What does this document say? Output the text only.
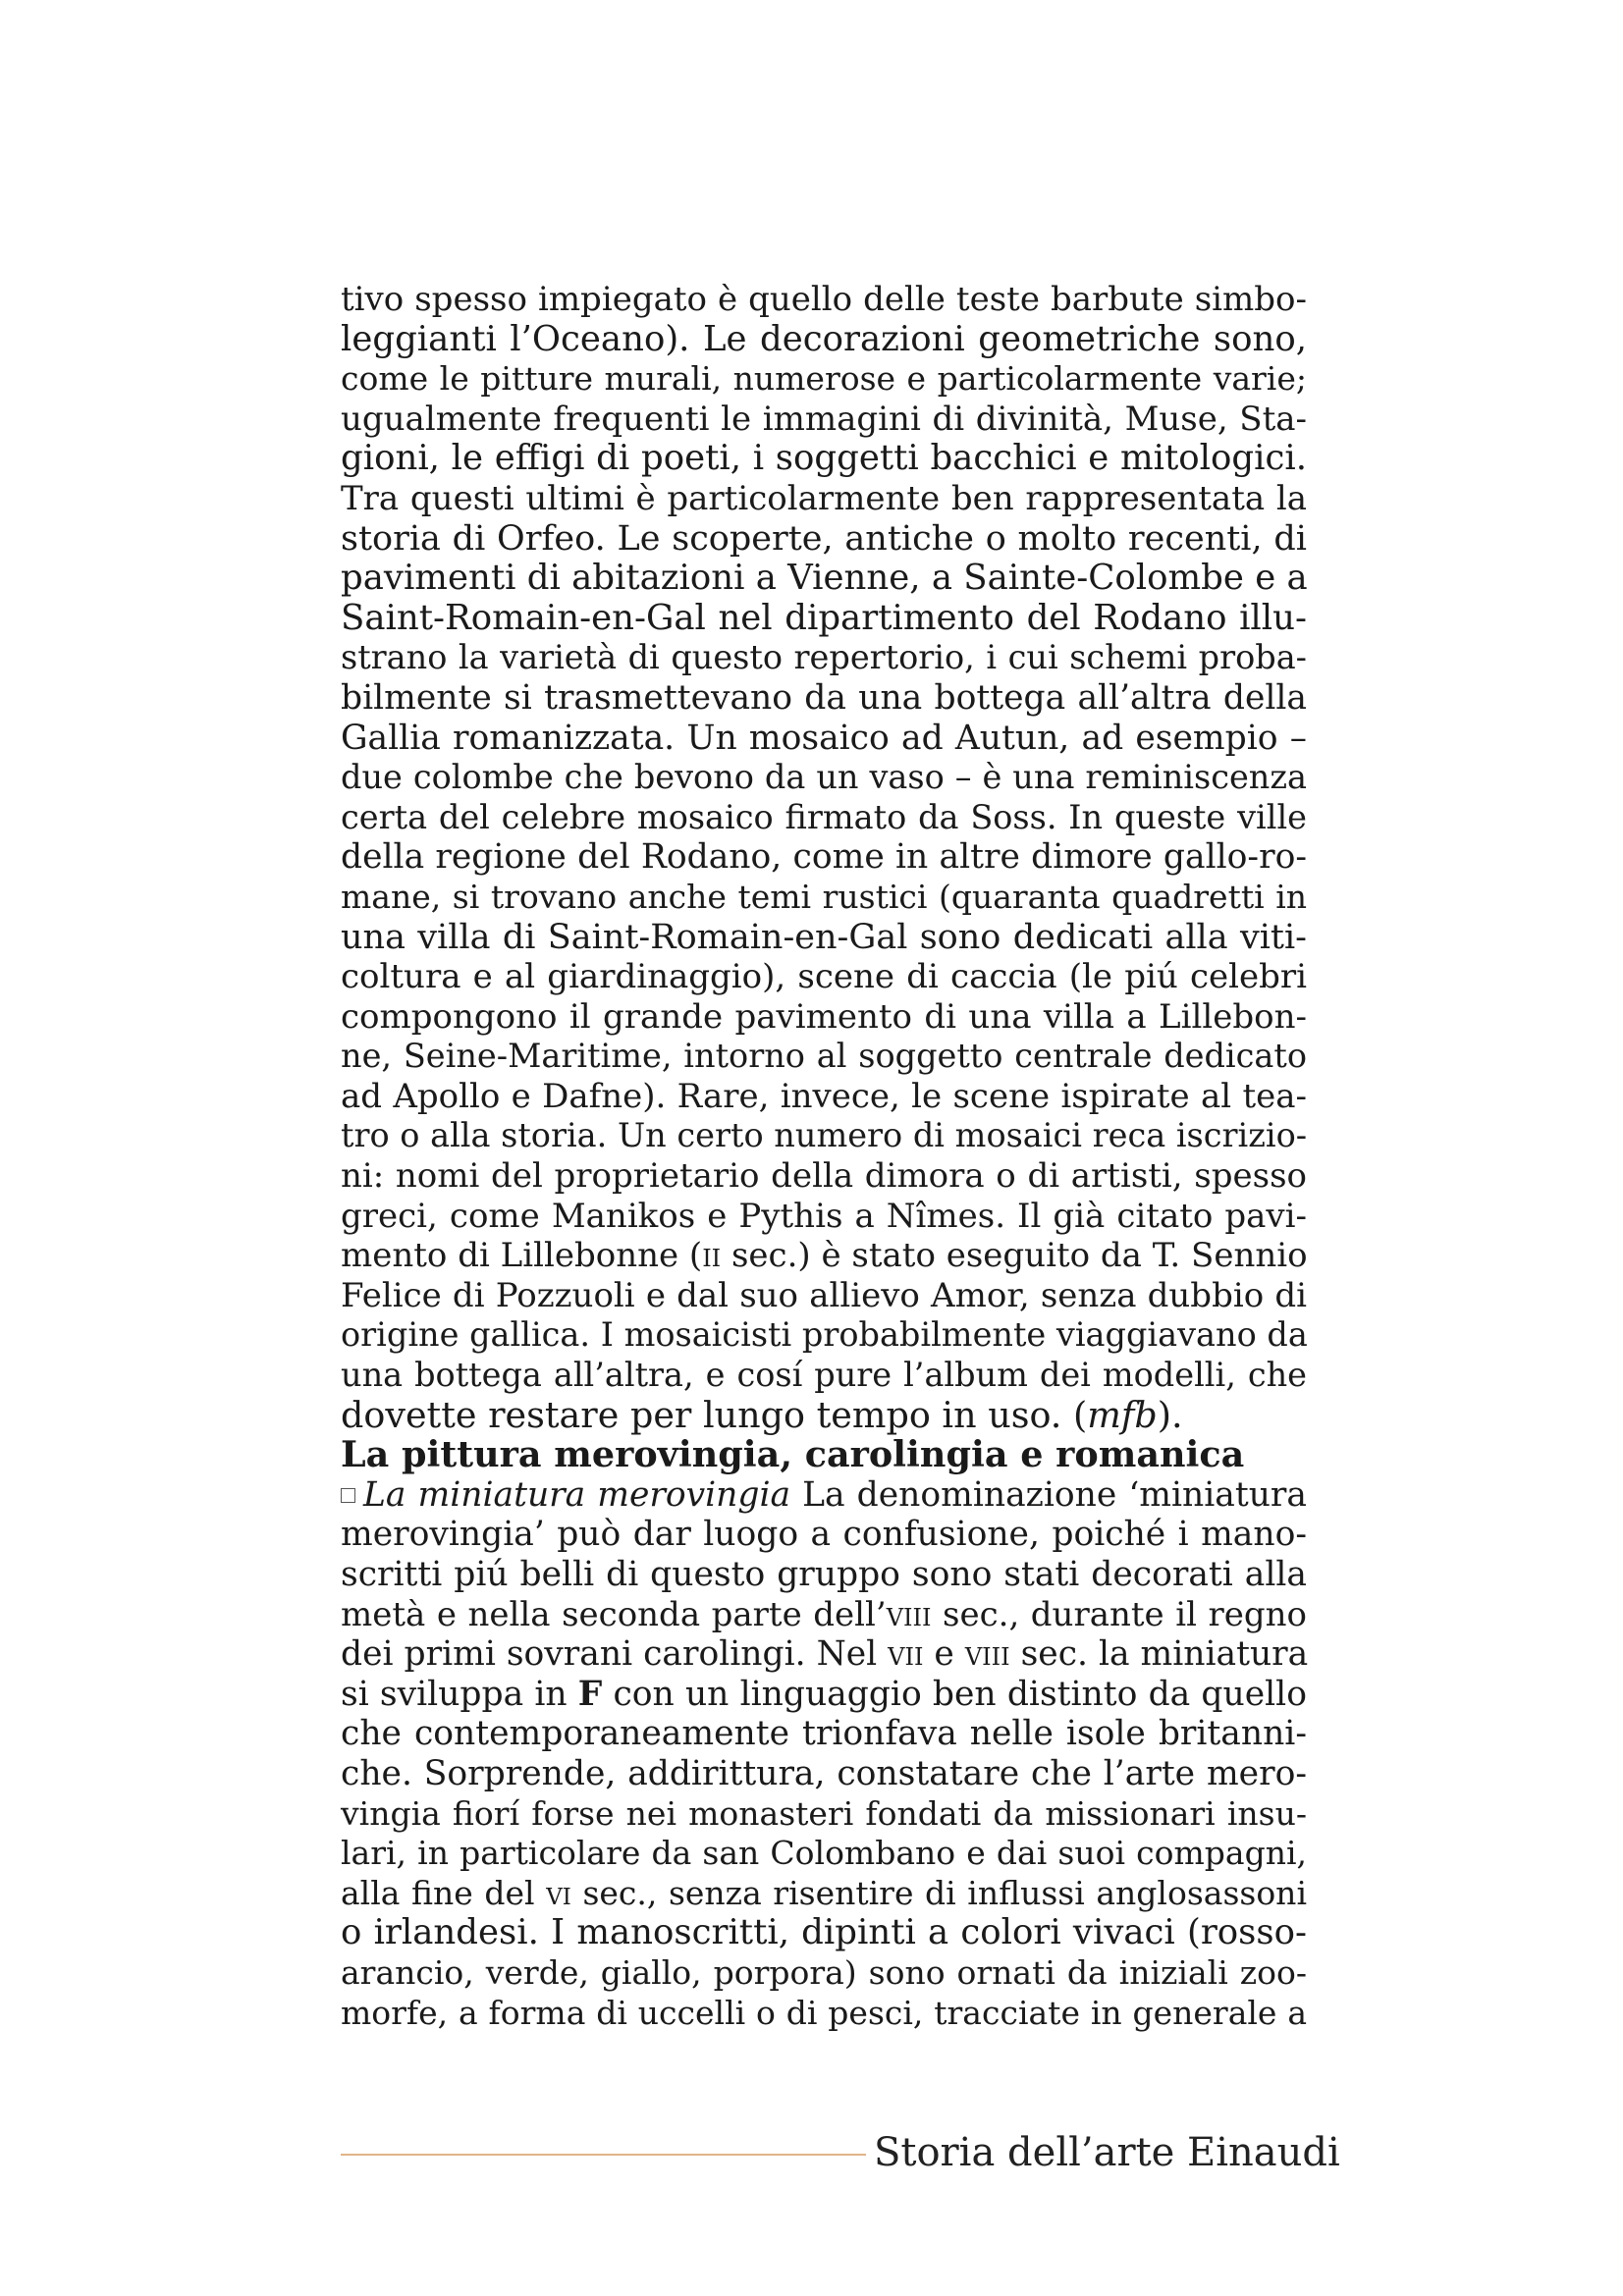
tivo spesso impiegato è quello delle teste barbute simbo-
leggianti l’Oceano). Le decorazioni geometriche sono,
come le pitture murali, numerose e particolarmente varie;
ugualmente frequenti le immagini di divinità, Muse, Sta-
gioni, le effigi di poeti, i soggetti bacchici e mitologici.
Tra questi ultimi è particolarmente ben rappresentata la
storia di Orfeo. Le scoperte, antiche o molto recenti, di
pavimenti di abitazioni a Vienne, a Sainte-Colombe e a
Saint-Romain-en-Gal nel dipartimento del Rodano illu-
strano la varietà di questo repertorio, i cui schemi proba-
bilmente si trasmettevano da una bottega all’altra della
Gallia romanizzata. Un mosaico ad Autun, ad esempio –
due colombe che bevono da un vaso – è una reminiscenza
certa del celebre mosaico firmato da Soss. In queste ville
della regione del Rodano, come in altre dimore gallo-ro-
mane, si trovano anche temi rustici (quaranta quadretti in
una villa di Saint-Romain-en-Gal sono dedicati alla viti-
coltura e al giardinaggio), scene di caccia (le piú celebri
compongono il grande pavimento di una villa a Lillebon-
ne, Seine-Maritime, intorno al soggetto centrale dedicato
ad Apollo e Dafne). Rare, invece, le scene ispirate al tea-
tro o alla storia. Un certo numero di mosaici reca iscrizio-
ni: nomi del proprietario della dimora o di artisti, spesso
greci, come Manikos e Pythis a Nîmes. Il già citato pavi-
mento di Lillebonne (ii sec.) è stato eseguito da T. Sennio
Felice di Pozzuoli e dal suo allievo Amor, senza dubbio di
origine gallica. I mosaicisti probabilmente viaggiavano da
una bottega all’altra, e cosí pure l’album dei modelli, che
dovette restare per lungo tempo in uso. (mfb).
La pittura merovingia, carolingia e romanica
La miniatura merovingia La denominazione ‘miniatura
merovingia’ può dar luogo a confusione, poiché i mano-
scritti piú belli di questo gruppo sono stati decorati alla
metà e nella seconda parte dell’viii sec., durante il regno
dei primi sovrani carolingi. Nel vii e viii sec. la miniatura
si sviluppa in F con un linguaggio ben distinto da quello
che contemporaneamente trionfava nelle isole britanni-
che. Sorprende, addirittura, constatare che l’arte mero-
vingia fiorí forse nei monasteri fondati da missionari insu-
lari, in particolare da san Colombano e dai suoi compagni,
alla fine del vi sec., senza risentire di influssi anglosassoni
o irlandesi. I manoscritti, dipinti a colori vivaci (rosso-
arancio, verde, giallo, porpora) sono ornati da iniziali zoo-
morfe, a forma di uccelli o di pesci, tracciate in generale a
Storia dell’arte Einaudi
